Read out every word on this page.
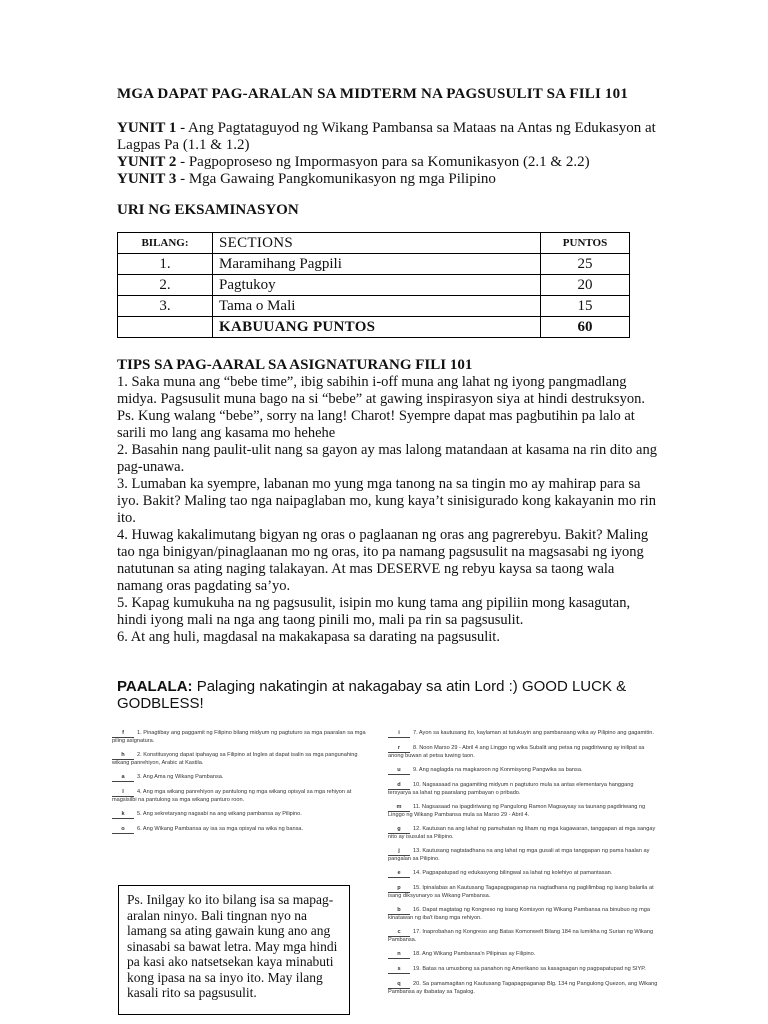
MGA DAPAT PAG-ARALAN SA MIDTERM NA PAGSUSULIT SA FILI 101
YUNIT 1 - Ang Pagtataguyod ng Wikang Pambansa sa Mataas na Antas ng Edukasyon at Lagpas Pa (1.1 & 1.2)
YUNIT 2 - Pagpoproseso ng Impormasyon para sa Komunikasyon (2.1 & 2.2)
YUNIT 3 - Mga Gawaing Pangkomunikasyon ng mga Pilipino
URI NG EKSAMINASYON
BILANG:	SECTIONS	PUNTOS
1.	Maramihang Pagpili	25
2.	Pagtukoy	20
3.	Tama o Mali	15
	KABUUANG PUNTOS	60
TIPS SA PAG-AARAL SA ASIGNATURANG FILI 101

1. Saka muna ang “bebe time”, ibig sabihin i-off muna ang lahat ng iyong pangmadlang midya. Pagsusulit muna bago na si “bebe” at gawing inspirasyon siya at hindi destruksyon.

Ps. Kung walang “bebe”, sorry na lang! Charot! Syempre dapat mas pagbutihin pa lalo at sarili mo lang ang kasama mo hehehe

2. Basahin nang paulit-ulit nang sa gayon ay mas lalong matandaan at kasama na rin dito ang pag-unawa.

3. Lumaban ka syempre, labanan mo yung mga tanong na sa tingin mo ay mahirap para sa iyo. Bakit? Maling tao nga naipaglaban mo, kung kaya’t sinisigurado kong kakayanin mo rin ito.

4. Huwag kakalimutang bigyan ng oras o paglaanan ng oras ang pagrerebyu. Bakit? Maling tao nga binigyan/pinaglaanan mo ng oras, ito pa namang pagsusulit na magsasabi ng iyong natutunan sa ating naging talakayan. At mas DESERVE ng rebyu kaysa sa taong wala namang oras pagdating sa’yo.

5. Kapag kumukuha na ng pagsusulit, isipin mo kung tama ang pipiliin mong kasagutan, hindi iyong mali na nga ang taong pinili mo, mali pa rin sa pagsusulit.

6. At ang huli, magdasal na makakapasa sa darating na pagsusulit.

PAALALA: Palaging nakatingin at nakagabay sa atin Lord :) GOOD LUCK & GODBLESS!
f 1. Pinagtibay ang paggamit ng Filipino bilang midyum ng pagtuturo sa mga paaralan sa mga piling asignatura.
h 2. Konstitusyong dapat ipahayag sa Filipino at Ingles at dapat isalin sa mga pangunahing wikang panrehiyon, Arabic at Kastila.
a 3. Ang Ama ng Wikang Pambansa.
l 4. Ang mga wikang panrehiyon ay pantulong ng mga wikang opisyal sa mga rehiyon at magsisilbi na pantulong sa mga wikang panturo roon.
k 5. Ang sekretaryang nagsabi na ang wikang pambansa ay Pilipino.
o 6. Ang Wikang Pambansa ay isa sa mga opisyal na wika ng bansa.
i 7. Ayon sa kautusang ito, kaylaman at tutukuyin ang pambansang wika ay Pilipino ang gagamitin.
r 8. Noon Marso 29 - Abril 4 ang Linggo ng wika Subalit ang petsa ng pagdiriwang ay inilipat sa anong buwan at petsa tuwing taon.
u 9. Ang naglagda na magkaroon ng Konmisyong Pangwika sa bansa.
d 10. Nagsasaad na gagamiting midyum n pagtuturo mula sa antas elementarya hanggang tersyarya sa lahat ng paaralang pambayan o pribado.
m 11. Nagsasaad na ipagdiriwang ng Pangulong Ramon Magsaysay sa taunang pagdiriwang ng Linggo ng Wikang Pambansa mula sa Marso 29 - Abril 4.
g 12. Kautusan na ang lahat ng pamuhatan ng liham ng mga kagawaran, tanggapan at mga sangay nito ay isusulat sa Pilipino.
j 13. Kautusang nagtatadhana na ang lahat ng mga gusali at mga tanggapan ng pama haalan ay pangalan sa Pilipino.
e 14. Pagpapatupad ng edukasyong bilingwal sa lahat ng kolehiyo at pamantasan.
p 15. Ipinalabas an Kautusang Tagapagpaganap na nagtadhana ng paglilimbag ng isang balarila at isang diksyunaryo sa Wikang Pambansa.
b 16. Dapat magtatag ng Kongreso ng isang Komisyon ng Wikang Pambansa na binubuo ng mga kinatawan ng iba't ibang mga rehiyon.
c 17. Inaprobahan ng Kongreso ang Batas Komonwelt Bilang 184 na lumikha ng Surian ng Wikang Pambansa.
n 18. Ang Wikang Pambansa'n Pilipinas ay Filipino.
s 19. Batas na umusbong sa panahon ng Amerikano sa kasagsagan ng pagpapatupad ng SIYP.
q 20. Sa pamamagitan ng Kautusang Tagapagpaganap Blg. 134 ng Pangulong Quezon, ang Wikang Pambansa ay ibabatay sa Tagalog.
Ps. Inilgay ko ito bilang isa sa mapag-aralan ninyo. Bali tingnan nyo na lamang sa ating gawain kung ano ang sinasabi sa bawat letra. May mga hindi pa kasi ako natsetsekan kaya minabuti kong ipasa na sa inyo ito. May ilang kasali rito sa pagsusulit.
